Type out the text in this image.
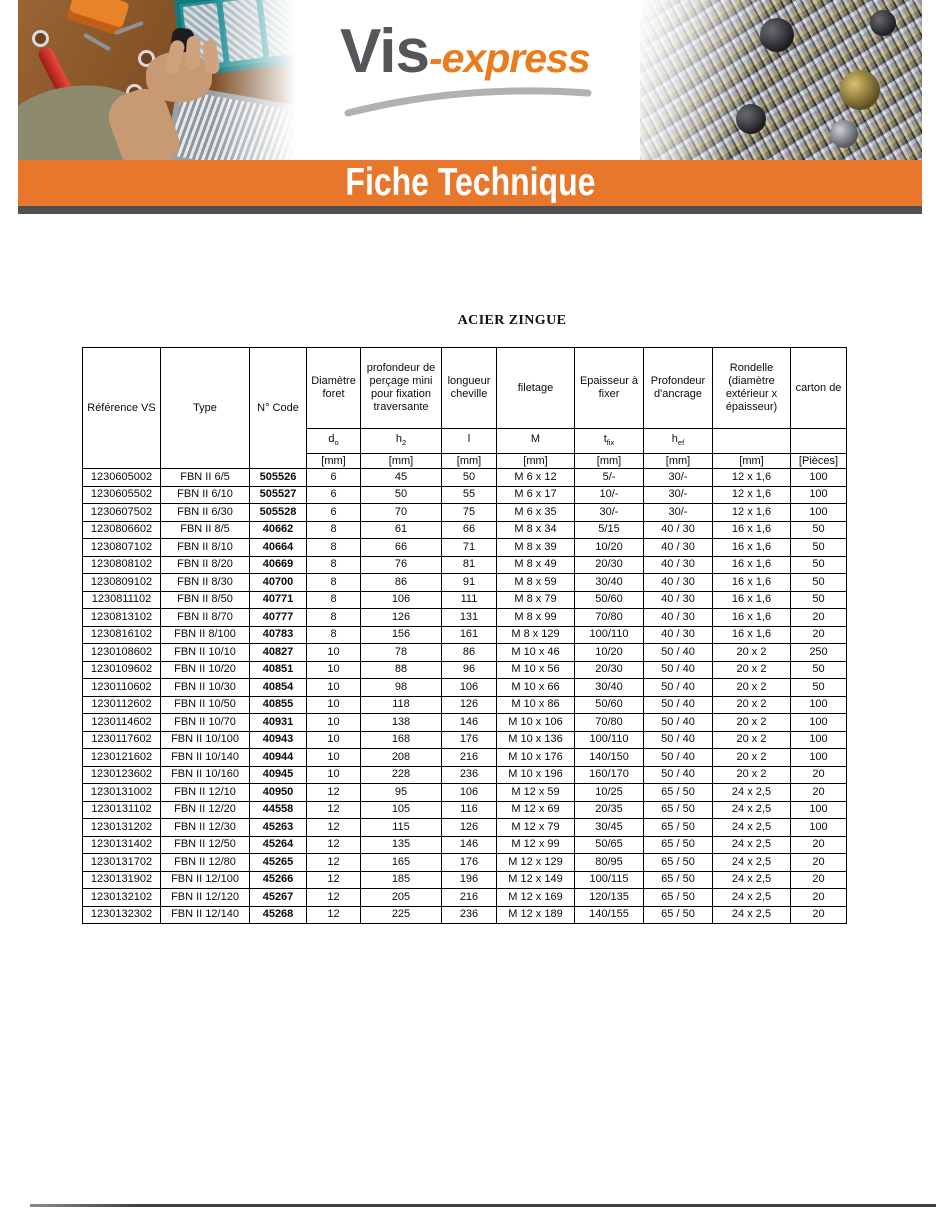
Vis-express
Fiche Technique
ACIER ZINGUE
Référence VS	Type	N° Code	Diamètre foret	profondeur de perçage mini pour fixation traversante	longueur cheville	filetage	Epaisseur à fixer	Profondeur d'ancrage	Rondelle (diamètre extérieur x épaisseur)	carton de
			$d_o$	$h_2$	l	M	$t_{fix}$	$h_{ef}$		
			[mm]	[mm]	[mm]	[mm]	[mm]	[mm]	[mm]	[Pièces]
1230605002	FBN II 6/5	505526	6	45	50	M 6 x 12	5/-	30/-	12 x 1,6	100
1230605502	FBN II 6/10	505527	6	50	55	M 6 x 17	10/-	30/-	12 x 1,6	100
1230607502	FBN II 6/30	505528	6	70	75	M 6 x 35	30/-	30/-	12 x 1,6	100
1230806602	FBN II 8/5	40662	8	61	66	M 8 x 34	5/15	40 / 30	16 x 1,6	50
1230807102	FBN II 8/10	40664	8	66	71	M 8 x 39	10/20	40 / 30	16 x 1,6	50
1230808102	FBN II 8/20	40669	8	76	81	M 8 x 49	20/30	40 / 30	16 x 1,6	50
1230809102	FBN II 8/30	40700	8	86	91	M 8 x 59	30/40	40 / 30	16 x 1,6	50
1230811102	FBN II 8/50	40771	8	106	111	M 8 x 79	50/60	40 / 30	16 x 1,6	50
1230813102	FBN II 8/70	40777	8	126	131	M 8 x 99	70/80	40 / 30	16 x 1,6	20
1230816102	FBN II 8/100	40783	8	156	161	M 8 x 129	100/110	40 / 30	16 x 1,6	20
1230108602	FBN II 10/10	40827	10	78	86	M 10 x 46	10/20	50 / 40	20 x 2	250
1230109602	FBN II 10/20	40851	10	88	96	M 10 x 56	20/30	50 / 40	20 x 2	50
1230110602	FBN II 10/30	40854	10	98	106	M 10 x 66	30/40	50 / 40	20 x 2	50
1230112602	FBN II 10/50	40855	10	118	126	M 10 x 86	50/60	50 / 40	20 x 2	100
1230114602	FBN II 10/70	40931	10	138	146	M 10 x 106	70/80	50 / 40	20 x 2	100
1230117602	FBN II 10/100	40943	10	168	176	M 10 x 136	100/110	50 / 40	20 x 2	100
1230121602	FBN II 10/140	40944	10	208	216	M 10 x 176	140/150	50 / 40	20 x 2	100
1230123602	FBN II 10/160	40945	10	228	236	M 10 x 196	160/170	50 / 40	20 x 2	20
1230131002	FBN II 12/10	40950	12	95	106	M 12 x 59	10/25	65 / 50	24 x 2,5	20
1230131102	FBN II 12/20	44558	12	105	116	M 12 x 69	20/35	65 / 50	24 x 2,5	100
1230131202	FBN II 12/30	45263	12	115	126	M 12 x 79	30/45	65 / 50	24 x 2,5	100
1230131402	FBN II 12/50	45264	12	135	146	M 12 x 99	50/65	65 / 50	24 x 2,5	20
1230131702	FBN II 12/80	45265	12	165	176	M 12 x 129	80/95	65 / 50	24 x 2,5	20
1230131902	FBN II 12/100	45266	12	185	196	M 12 x 149	100/115	65 / 50	24 x 2,5	20
1230132102	FBN II 12/120	45267	12	205	216	M 12 x 169	120/135	65 / 50	24 x 2,5	20
1230132302	FBN II 12/140	45268	12	225	236	M 12 x 189	140/155	65 / 50	24 x 2,5	20
